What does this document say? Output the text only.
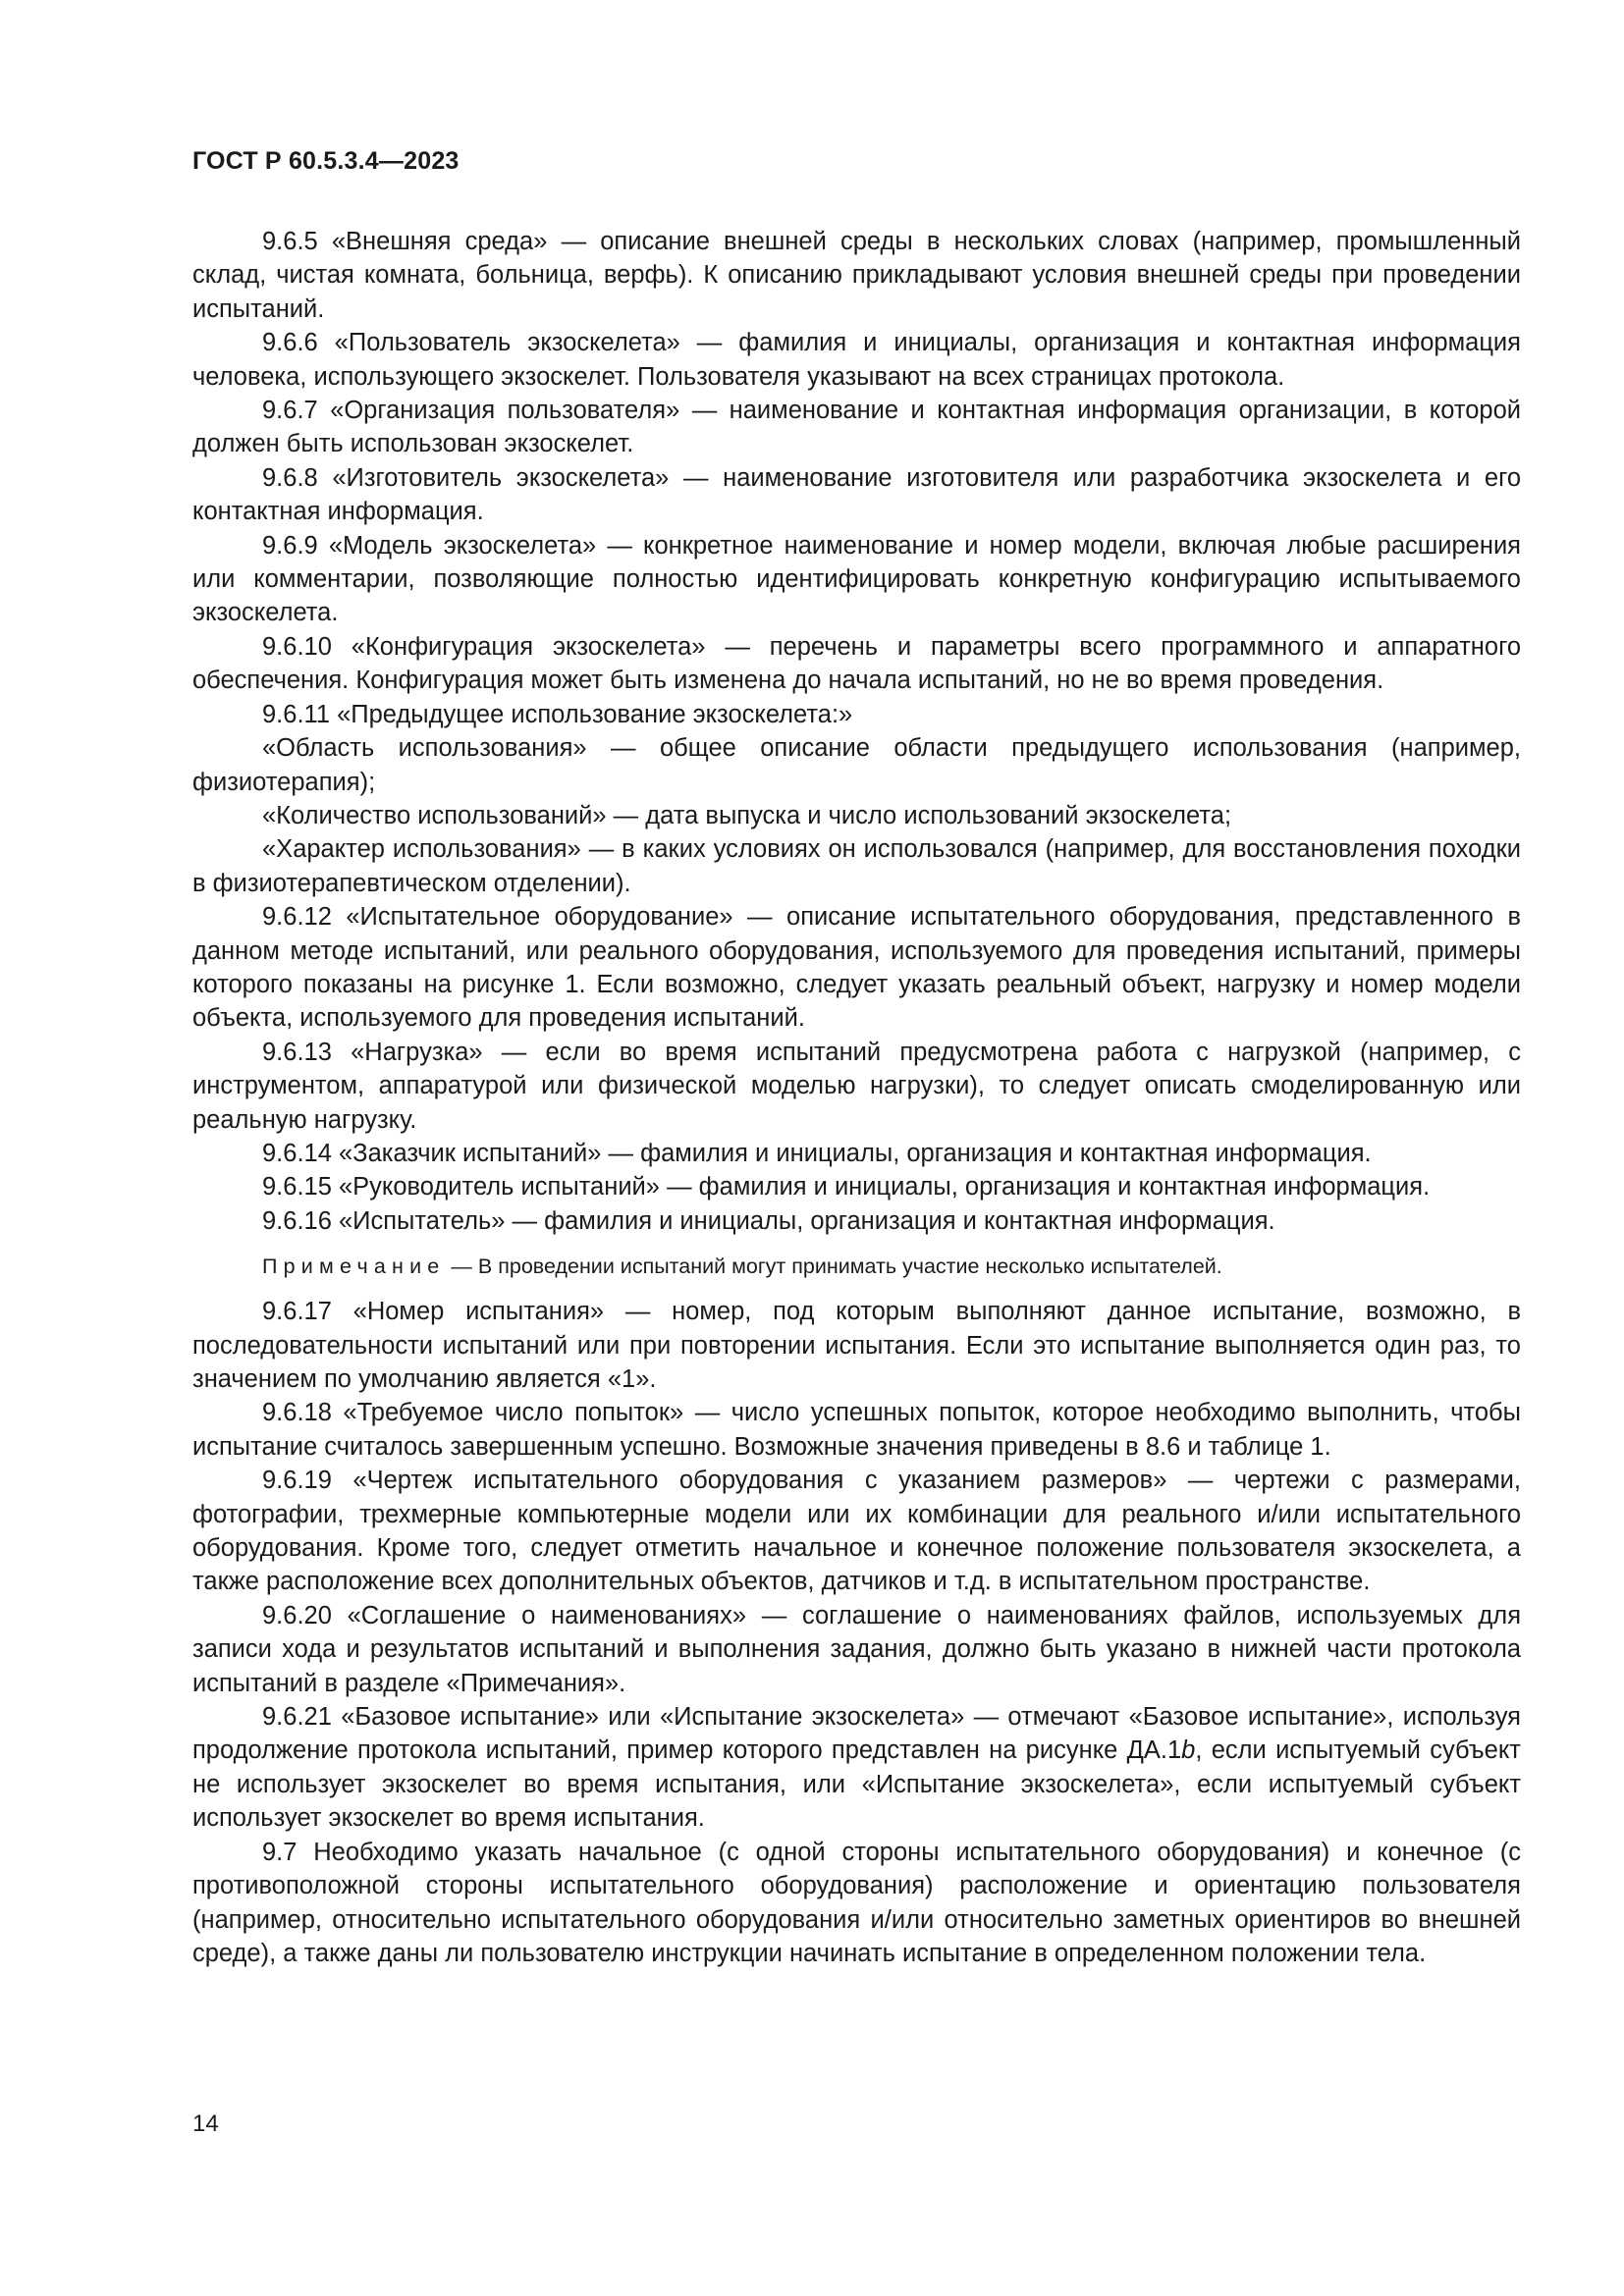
ГОСТ Р 60.5.3.4—2023

9.6.5 «Внешняя среда» — описание внешней среды в нескольких словах (например, промышленный склад, чистая комната, больница, верфь). К описанию прикладывают условия внешней среды при проведении испытаний.

9.6.6 «Пользователь экзоскелета» — фамилия и инициалы, организация и контактная информация человека, использующего экзоскелет. Пользователя указывают на всех страницах протокола.

9.6.7 «Организация пользователя» — наименование и контактная информация организации, в которой должен быть использован экзоскелет.

9.6.8 «Изготовитель экзоскелета» — наименование изготовителя или разработчика экзоскелета и его контактная информация.

9.6.9 «Модель экзоскелета» — конкретное наименование и номер модели, включая любые расширения или комментарии, позволяющие полностью идентифицировать конкретную конфигурацию испытываемого экзоскелета.

9.6.10 «Конфигурация экзоскелета» — перечень и параметры всего программного и аппаратного обеспечения. Конфигурация может быть изменена до начала испытаний, но не во время проведения.

9.6.11 «Предыдущее использование экзоскелета:»

«Область использования» — общее описание области предыдущего использования (например, физиотерапия);

«Количество использований» — дата выпуска и число использований экзоскелета;

«Характер использования» — в каких условиях он использовался (например, для восстановления походки в физиотерапевтическом отделении).

9.6.12 «Испытательное оборудование» — описание испытательного оборудования, представленного в данном методе испытаний, или реального оборудования, используемого для проведения испытаний, примеры которого показаны на рисунке 1. Если возможно, следует указать реальный объект, нагрузку и номер модели объекта, используемого для проведения испытаний.

9.6.13 «Нагрузка» — если во время испытаний предусмотрена работа с нагрузкой (например, с инструментом, аппаратурой или физической моделью нагрузки), то следует описать смоделированную или реальную нагрузку.

9.6.14 «Заказчик испытаний» — фамилия и инициалы, организация и контактная информация.

9.6.15 «Руководитель испытаний» — фамилия и инициалы, организация и контактная информация.

9.6.16 «Испытатель» — фамилия и инициалы, организация и контактная информация.

Примечание — В проведении испытаний могут принимать участие несколько испытателей.

9.6.17 «Номер испытания» — номер, под которым выполняют данное испытание, возможно, в последовательности испытаний или при повторении испытания. Если это испытание выполняется один раз, то значением по умолчанию является «1».

9.6.18 «Требуемое число попыток» — число успешных попыток, которое необходимо выполнить, чтобы испытание считалось завершенным успешно. Возможные значения приведены в 8.6 и таблице 1.

9.6.19 «Чертеж испытательного оборудования с указанием размеров» — чертежи с размерами, фотографии, трехмерные компьютерные модели или их комбинации для реального и/или испытательного оборудования. Кроме того, следует отметить начальное и конечное положение пользователя экзоскелета, а также расположение всех дополнительных объектов, датчиков и т.д. в испытательном пространстве.

9.6.20 «Соглашение о наименованиях» — соглашение о наименованиях файлов, используемых для записи хода и результатов испытаний и выполнения задания, должно быть указано в нижней части протокола испытаний в разделе «Примечания».

9.6.21 «Базовое испытание» или «Испытание экзоскелета» — отмечают «Базовое испытание», используя продолжение протокола испытаний, пример которого представлен на рисунке ДА.1b, если испытуемый субъект не использует экзоскелет во время испытания, или «Испытание экзоскелета», если испытуемый субъект использует экзоскелет во время испытания.

9.7 Необходимо указать начальное (с одной стороны испытательного оборудования) и конечное (с противоположной стороны испытательного оборудования) расположение и ориентацию пользователя (например, относительно испытательного оборудования и/или относительно заметных ориентиров во внешней среде), а также даны ли пользователю инструкции начинать испытание в определенном положении тела.

14
